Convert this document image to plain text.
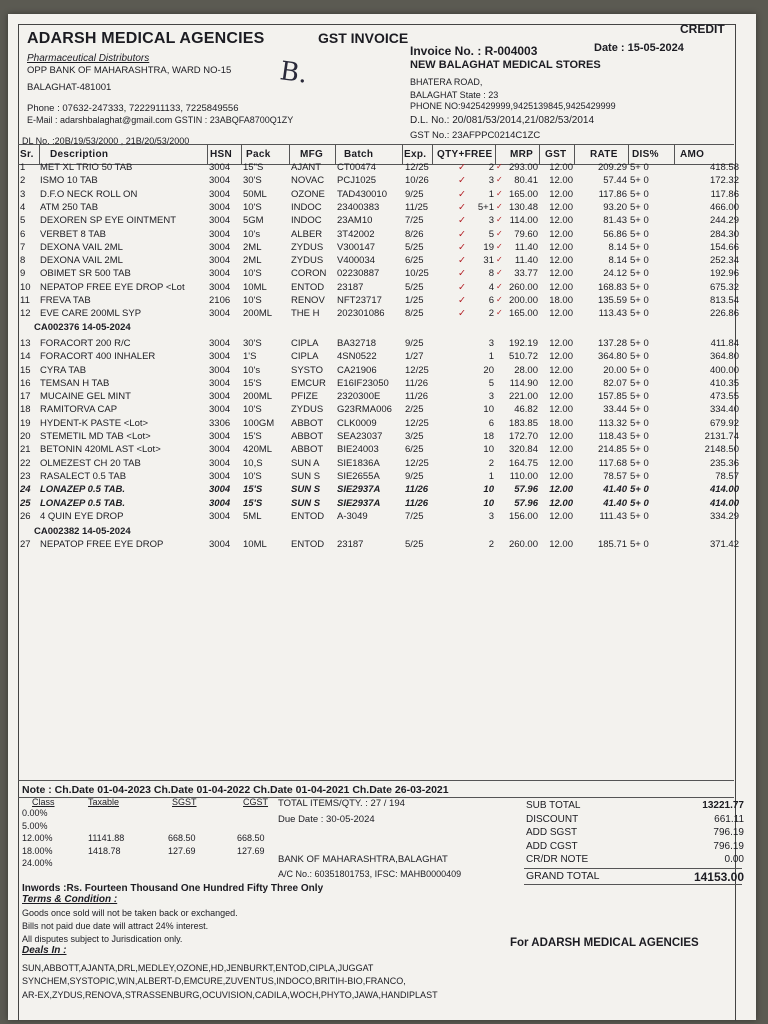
ADARSH MEDICAL AGENCIES	GST INVOICE
CREDIT
Pharmaceutical Distributors
OPP BANK OF MAHARASHTRA, WARD NO-15
BALAGHAT-481001	B.
Phone : 07632-247333, 7222911133, 7225849556
E-Mail : adarshbalaghat@gmail.com GSTIN : 23ABQFA8700Q1ZY
DL No. :20B/19/53/2000 , 21B/20/53/2000
Invoice No. : R-004003	Date : 15-05-2024
NEW BALAGHAT MEDICAL STORES
BHATERA ROAD,
BALAGHAT State : 23
PHONE NO:9425429999,9425139845,9425429999
D.L. No.: 20/081/53/2014,21/082/53/2014
GST No.: 23AFPPC0214C1ZC
Sr. Description	HSN Pack	MFG Batch	Exp. QTY+FREE MRP GST RATE DIS% AMO
1	MET XL TRIO 50 TAB	3004	15"S	AJANT	CT00474	12/25	2	293.00	12.00	209.29 5+ 0	418.58
✓	✓
2	ISMO 10 TAB	3004	30'S	NOVAC	PCJ1025	10/26	3	80.41	12.00	57.44 5+ 0	172.32
✓	✓
3	D.F.O NECK ROLL ON	3004	50ML	OZONE	TAD430010	9/25	1	165.00	12.00	117.86 5+ 0	117.86
✓	✓
4	ATM 250 TAB	3004	10'S	INDOC	23400383	11/25	5+1	130.48	12.00	93.20 5+ 0	466.00
✓	✓
5	DEXOREN SP EYE OINTMENT	3004	5GM	INDOC	23AM10	7/25	3	114.00	12.00	81.43 5+ 0	244.29
✓	✓
6	VERBET 8 TAB	3004	10's	ALBER	3T42002	8/26	5	79.60	12.00	56.86 5+ 0	284.30
✓	✓
7	DEXONA VAIL 2ML	3004	2ML	ZYDUS	V300147	5/25	19	11.40	12.00	8.14 5+ 0	154.66
✓	✓
8	DEXONA VAIL 2ML	3004	2ML	ZYDUS	V400034	6/25	31	11.40	12.00	8.14 5+ 0	252.34
✓	✓
9	OBIMET SR 500 TAB	3004	10'S	CORON	02230887	10/25	8	33.77	12.00	24.12 5+ 0	192.96
✓	✓
10 NEPATOP FREE EYE DROP <Lot	3004	10ML	ENTOD	23187	5/25	4	260.00	12.00	168.83 5+ 0	675.32
✓	✓
11	FREVA TAB	2106	10'S	RENOV	NFT23717	1/25	6	200.00	18.00	135.59 5+ 0	813.54
✓	✓
12 EVE CARE 200ML SYP	3004	200ML	THE H	202301086	8/25	2	165.00	12.00	113.43 5+ 0	226.86
✓	✓
CA002376 14-05-2024
13 FORACORT 200 R/C	3004	30'S	CIPLA	BA32718	9/25	3	192.19	12.00	137.28 5+ 0	411.84
14 FORACORT 400 INHALER	3004	1'S	CIPLA	4SN0522	1/27	1	510.72	12.00	364.80 5+ 0	364.80
15 CYRA TAB	3004	10's	SYSTO	CA21906	12/25	20	28.00	12.00	20.00 5+ 0	400.00
16 TEMSAN H TAB	3004	15'S	EMCUR	E16IF23050	11/26	5	114.90	12.00	82.07 5+ 0	410.35
17 MUCAINE GEL MINT	3004	200ML	PFIZE	2320300E	11/26	3	221.00	12.00	157.85 5+ 0	473.55
18 RAMITORVA CAP	3004	10'S	ZYDUS	G23RMA006	2/25	10	46.82	12.00	33.44 5+ 0	334.40
19 HYDENT-K PASTE <Lot>	3306	100GM	ABBOT	CLK0009	12/25	6	183.85	18.00	113.32 5+ 0	679.92
20 STEMETIL MD TAB <Lot>	3004	15'S	ABBOT	SEA23037	3/25	18	172.70	12.00	118.43 5+ 0	2131.74
21 BETONIN 420ML AST <Lot>	3004	420ML	ABBOT	BIE24003	6/25	10	320.84	12.00	214.85 5+ 0	2148.50
22 OLMEZEST CH 20 TAB	3004	10,S	SUN A	SIE1836A	12/25	2	164.75	12.00	117.68 5+ 0	235.36
23 RASALECT 0.5 TAB	3004	10'S	SUN S	SIE2655A	9/25	1	110.00	12.00	78.57 5+ 0	78.57
24 LONAZEP 0.5 TAB.	3004	15'S	SUN S	SIE2937A	11/26	10	57.96	12.00	41.40 5+ 0	414.00
25 LONAZEP 0.5 TAB.	3004	15'S	SUN S	SIE2937A	11/26	10	57.96	12.00	41.40 5+ 0	414.00
26 4 QUIN EYE DROP	3004	5ML	ENTOD	A-3049	7/25	3	156.00	12.00	111.43 5+ 0	334.29
CA002382 14-05-2024
27 NEPATOP FREE EYE DROP	3004	10ML	ENTOD	23187	5/25	2	260.00	12.00	185.71 5+ 0	371.42
Note : Ch.Date 01-04-2023 Ch.Date 01-04-2022 Ch.Date 01-04-2021 Ch.Date 26-03-2021
Class	Taxable	SGST	CGST
0.00%
5.00%
12.00%	11141.88	668.50	668.50
18.00%	1418.78	127.69	127.69
24.00%
TOTAL ITEMS/QTY. : 27 / 194
Due Date : 30-05-2024
BANK OF MAHARASHTRA,BALAGHAT
A/C No.: 60351801753, IFSC: MAHB0000409
SUB TOTAL	13221.77
DISCOUNT	661.11
ADD SGST	796.19
ADD CGST	796.19
CR/DR NOTE	0.00
GRAND TOTAL	14153.00
Inwords :Rs. Fourteen Thousand One Hundred Fifty Three Only
Terms & Condition :
Goods once sold will not be taken back or exchanged.
Bills not paid due date will attract 24% interest.
All disputes subject to Jurisdication only.
Deals In :
SUN,ABBOTT,AJANTA,DRL,MEDLEY,OZONE,HD,JENBURKT,ENTOD,CIPLA,JUGGAT
SYNCHEM,SYSTOPIC,WIN,ALBERT-D,EMCURE,ZUVENTUS,INDOCO,BRITIH-BIO,FRANCO,
AR-EX,ZYDUS,RENOVA,STRASSENBURG,OCUVISION,CADILA,WOCH,PHYTO,JAWA,HANDIPLAST
For ADARSH MEDICAL AGENCIES
